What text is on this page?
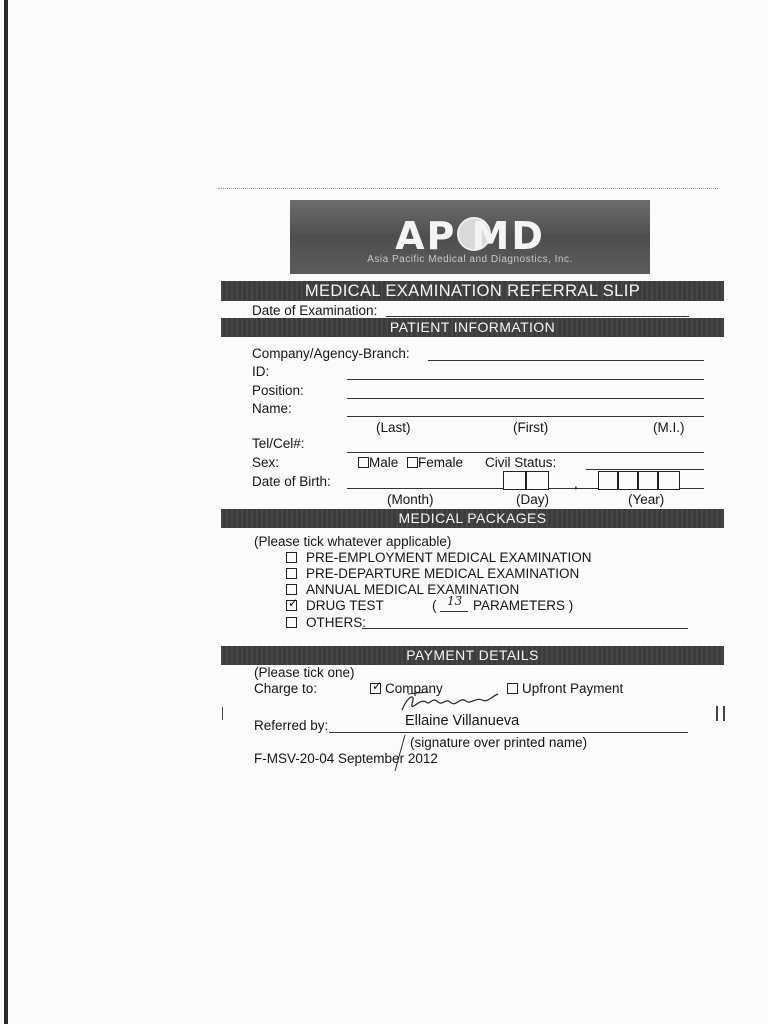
AP MD
Asia Pacific Medical and Diagnostics, Inc.
MEDICAL EXAMINATION REFERRAL SLIP
Date of Examination:
PATIENT INFORMATION
Company/Agency-Branch:
ID:
Position:
Name:
(Last)	(First)	(M.I.)
Tel/Cel#:
Sex:	Male Female Civil Status:
Date of Birth:	,
(Month)	(Day)	(Year)
MEDICAL PACKAGES
(Please tick whatever applicable)
PRE-EMPLOYMENT MEDICAL EXAMINATION
PRE-DEPARTURE MEDICAL EXAMINATION
ANNUAL MEDICAL EXAMINATION
✓ DRUG TEST	( 13 PARAMETERS )
OTHERS:
PAYMENT DETAILS
(Please tick one)
Charge to:	✓ Company	Upfront Payment
Referred by:	Ellaine Villanueva
(signature over printed name)
F-MSV-20-04 September 2012
